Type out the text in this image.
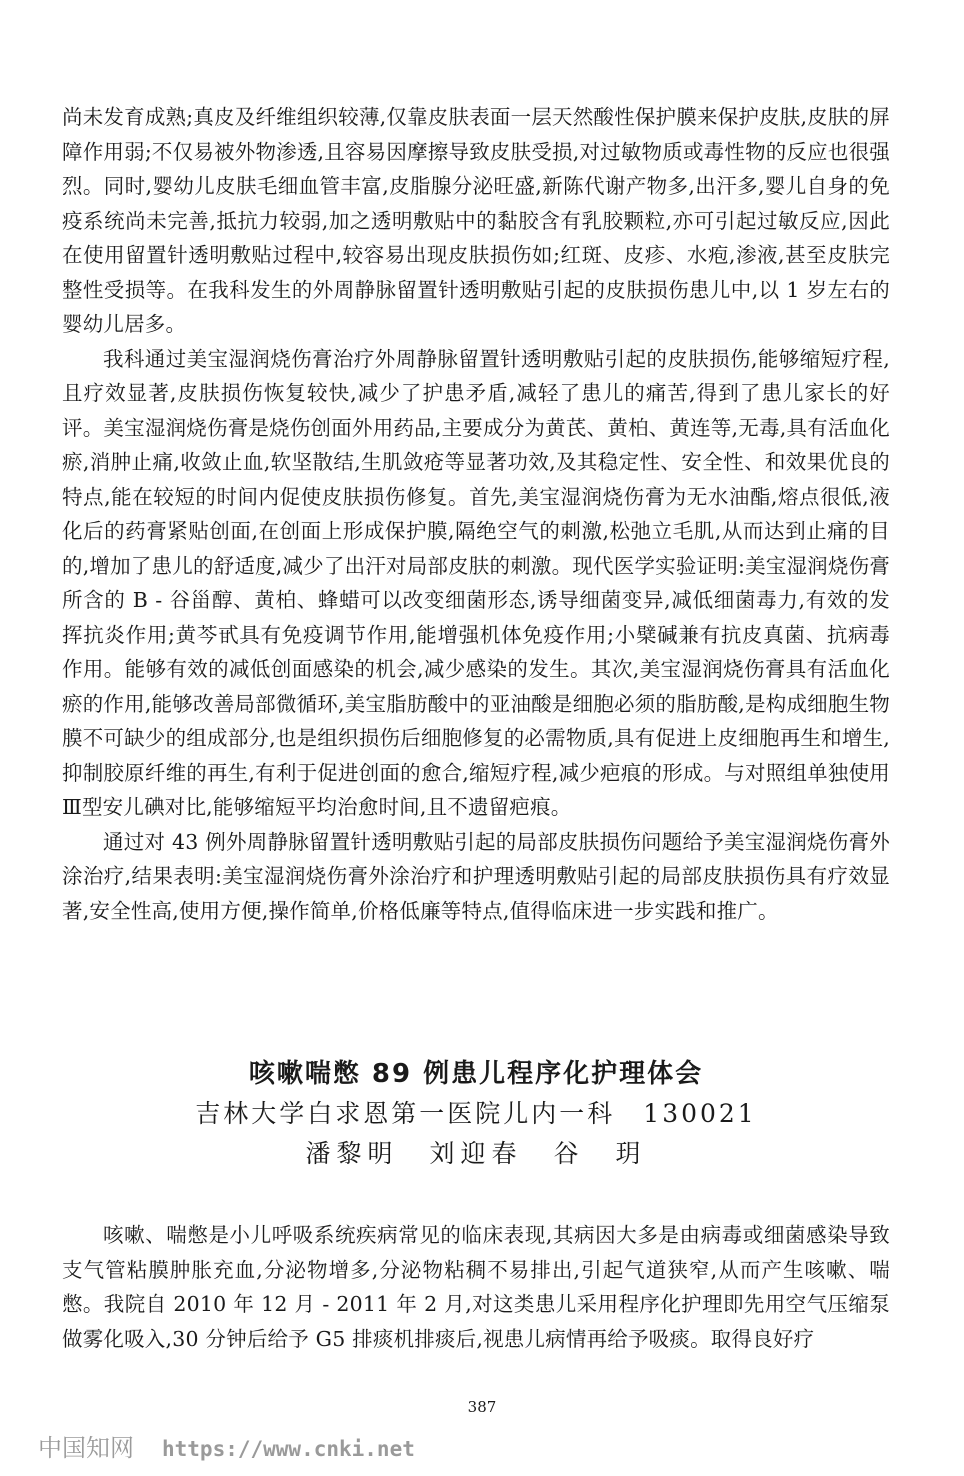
尚未发育成熟;真皮及纤维组织较薄,仅靠皮肤表面一层天然酸性保护膜来保护皮肤,皮肤的屏障作用弱;不仅易被外物渗透,且容易因摩擦导致皮肤受损,对过敏物质或毒性物的反应也很强烈。同时,婴幼儿皮肤毛细血管丰富,皮脂腺分泌旺盛,新陈代谢产物多,出汗多,婴儿自身的免疫系统尚未完善,抵抗力较弱,加之透明敷贴中的黏胶含有乳胶颗粒,亦可引起过敏反应,因此在使用留置针透明敷贴过程中,较容易出现皮肤损伤如;红斑、皮疹、水疱,渗液,甚至皮肤完整性受损等。在我科发生的外周静脉留置针透明敷贴引起的皮肤损伤患儿中,以 1 岁左右的婴幼儿居多。

我科通过美宝湿润烧伤膏治疗外周静脉留置针透明敷贴引起的皮肤损伤,能够缩短疗程,且疗效显著,皮肤损伤恢复较快,减少了护患矛盾,减轻了患儿的痛苦,得到了患儿家长的好评。美宝湿润烧伤膏是烧伤创面外用药品,主要成分为黄芪、黄柏、黄连等,无毒,具有活血化瘀,消肿止痛,收敛止血,软坚散结,生肌敛疮等显著功效,及其稳定性、安全性、和效果优良的特点,能在较短的时间内促使皮肤损伤修复。首先,美宝湿润烧伤膏为无水油酯,熔点很低,液化后的药膏紧贴创面,在创面上形成保护膜,隔绝空气的刺激,松弛立毛肌,从而达到止痛的目的,增加了患儿的舒适度,减少了出汗对局部皮肤的刺激。现代医学实验证明:美宝湿润烧伤膏所含的 B - 谷甾醇、黄柏、蜂蜡可以改变细菌形态,诱导细菌变异,减低细菌毒力,有效的发挥抗炎作用;黄芩甙具有免疫调节作用,能增强机体免疫作用;小檗碱兼有抗皮真菌、抗病毒作用。能够有效的减低创面感染的机会,减少感染的发生。其次,美宝湿润烧伤膏具有活血化瘀的作用,能够改善局部微循环,美宝脂肪酸中的亚油酸是细胞必须的脂肪酸,是构成细胞生物膜不可缺少的组成部分,也是组织损伤后细胞修复的必需物质,具有促进上皮细胞再生和增生,抑制胶原纤维的再生,有利于促进创面的愈合,缩短疗程,减少疤痕的形成。与对照组单独使用Ⅲ型安儿碘对比,能够缩短平均治愈时间,且不遗留疤痕。

通过对 43 例外周静脉留置针透明敷贴引起的局部皮肤损伤问题给予美宝湿润烧伤膏外涂治疗,结果表明:美宝湿润烧伤膏外涂治疗和护理透明敷贴引起的局部皮肤损伤具有疗效显著,安全性高,使用方便,操作简单,价格低廉等特点,值得临床进一步实践和推广。

咳嗽喘憋 89 例患儿程序化护理体会

吉林大学白求恩第一医院儿内一科　130021

潘黎明　刘迎春　谷　玥

咳嗽、喘憋是小儿呼吸系统疾病常见的临床表现,其病因大多是由病毒或细菌感染导致支气管粘膜肿胀充血,分泌物增多,分泌物粘稠不易排出,引起气道狭窄,从而产生咳嗽、喘憋。我院自 2010 年 12 月 - 2011 年 2 月,对这类患儿采用程序化护理即先用空气压缩泵做雾化吸入,30 分钟后给予 G5 排痰机排痰后,视患儿病情再给予吸痰。取得良好疗

387
中国知网 https://www.cnki.net
